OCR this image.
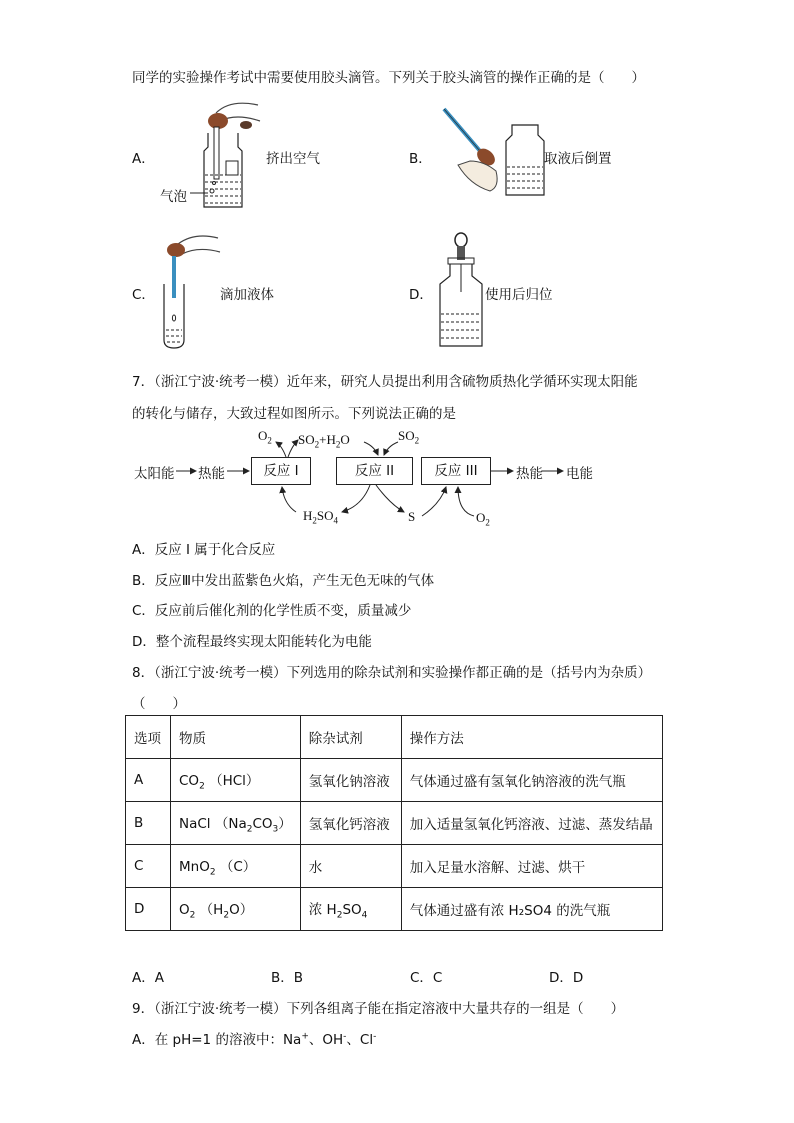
同学的实验操作考试中需要使用胶头滴管。下列关于胶头滴管的操作正确的是（　　）
A．
气泡
挤出空气	B．	取液后倒置
C．	滴加液体	D．	使用后归位
7．（浙江宁波·统考一模）近年来，研究人员提出利用含硫物质热化学循环实现太阳能
的转化与储存，大致过程如图所示。下列说法正确的是
太阳能 热能	反应 I	反应 II	反应 III	热能 电能
$O_2$ $SO_2+H_2O$	$SO_2$
$H_2SO_4$	S	$O_2$
A．反应 I 属于化合反应
B．反应Ⅲ中发出蓝紫色火焰，产生无色无味的气体
C．反应前后催化剂的化学性质不变，质量减少
D．整个流程最终实现太阳能转化为电能
8．（浙江宁波·统考一模）下列选用的除杂试剂和实验操作都正确的是（括号内为杂质）
（　　）
选项	物质	除杂试剂	操作方法
A	$CO_2$ （HCl）	氢氧化钠溶液	气体通过盛有氢氧化钠溶液的洗气瓶
B	NaCl $(Na_2CO_3)$	氢氧化钙溶液	加入适量氢氧化钙溶液、过滤、蒸发结晶
C	MnO$_2$ （C）	水	加入足量水溶解、过滤、烘干
D	$O_2$ $(H_2O)$	浓 $H_2SO_4$	气体通过盛有浓 H₂SO4 的洗气瓶
A．A	B．B	C．C	D．D
9．（浙江宁波·统考一模）下列各组离子能在指定溶液中大量共存的一组是（　　）
A．在 pH=1 的溶液中：Na+、OH-、Cl-
